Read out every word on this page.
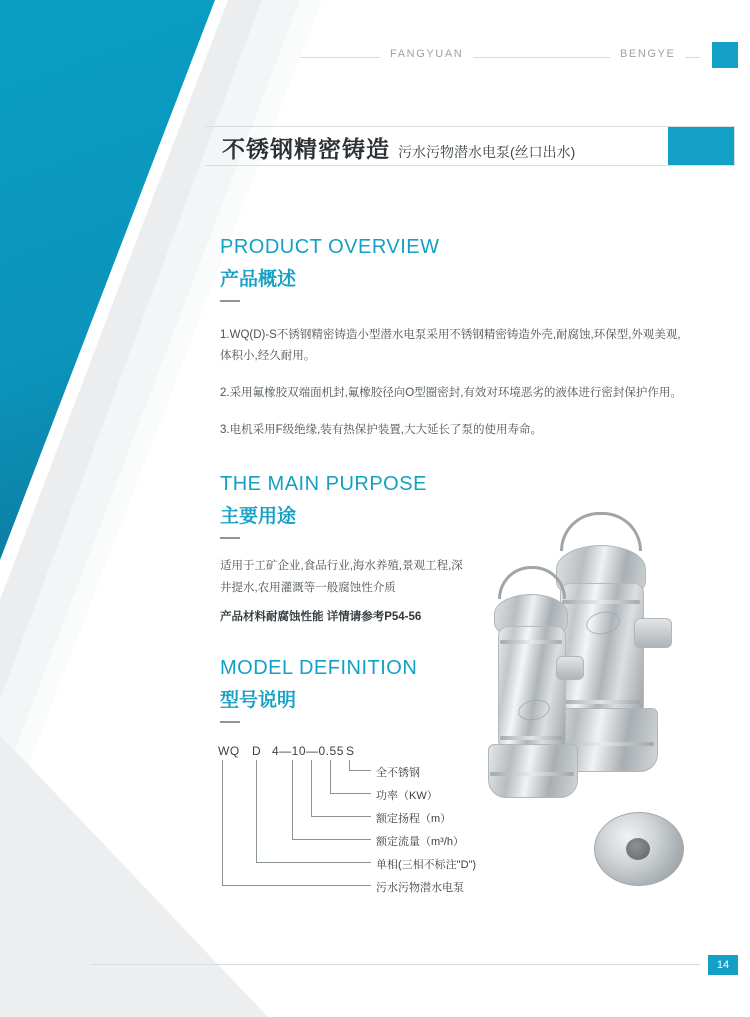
FANGYUAN	BENGYE
不锈钢精密铸造 污水污物潜水电泵(丝口出水)
PRODUCT OVERVIEW
产品概述
1.WQ(D)-S不锈钢精密铸造小型潜水电泵采用不锈钢精密铸造外壳,耐腐蚀,环保型,外观美观,
体积小,经久耐用。
2.采用氟橡胶双端面机封,氟橡胶径向O型圈密封,有效对环境恶劣的液体进行密封保护作用。
3.电机采用F级绝缘,装有热保护装置,大大延长了泵的使用寿命。
THE MAIN PURPOSE
主要用途
适用于工矿企业,食品行业,海水养殖,景观工程,深
井提水,农用灌溉等一般腐蚀性介质
产品材料耐腐蚀性能 详情请参考P54-56
MODEL DEFINITION
型号说明
WQ D 4—10—0.55 S
全不锈钢
功率（KW）
额定扬程（m）
额定流量（m³/h）
单相(三相不标注"D")
污水污物潜水电泵
14
